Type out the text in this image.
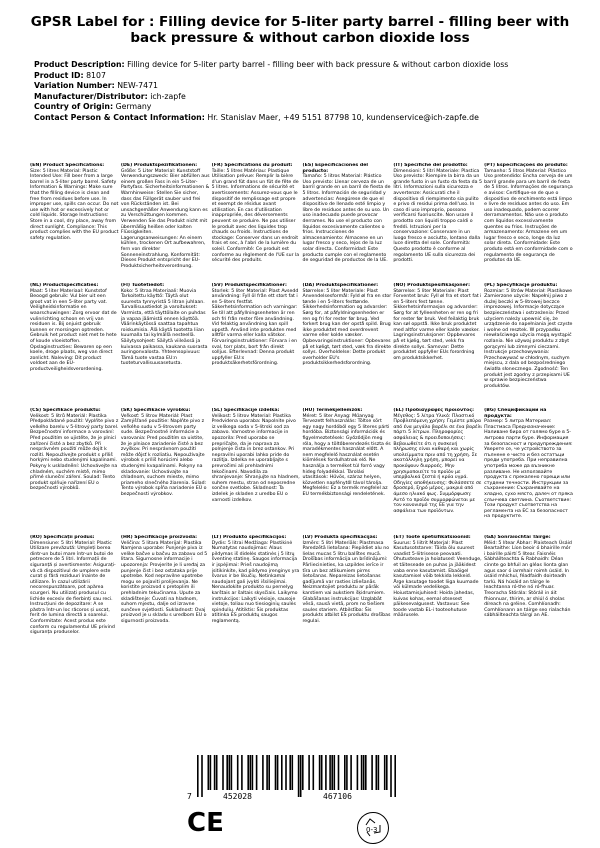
GPSR Label for : Filling device for 5-liter party barrel - filling beer with back pressure & without carbon dioxide loss
Product Description: Filling device for 5-liter party barrel - filling beer with back pressure & without carbon dioxide loss
Product ID: 8107
Variation Number: NEW-7471
Manufacturer/Distributor: ich-zapfe
Country of Origin: Germany
Contact Person & Contact Information: Hr. Stanislav Maer, +49 5151 87798 10, kundenservice@ich-zapfe.de
(EN) Product Specifications:
Size: 5 litres Material: Plastic Intended Use: Fill beer from a large barrel in a 5-liter party barrel. Safety Information & Warnings: Make sure that the filling device is clean and free from residues before use. In improper use, spills can occur. Do not use with hot or excessively hot or cold liquids. Storage Instructions: Store in a cool, dry place, away from direct sunlight. Compliance: This product complies with the EU product safety regulation.
(DE) Produktspezifikationen:
Größe: 5 Liter Material: Kunststoff Verwendungszweck: Bier abfüllen aus einem großen Fass in ein 5-Liter-Partyfass. Sicherheitsinformationen & Warnhinweise: Stellen Sie sicher, dass das Füllgerät sauber und frei von Rückständen ist. Bei unsachgemäßer Anwendung kann es zu Verschüttungen kommen. Verwenden Sie das Produkt nicht mit übermäßig heißen oder kalten Flüssigkeiten. Lagerungsanweisungen: An einem kühlen, trockenen Ort aufbewahren, fern von direkter Sonneneinstrahlung. Konformität: Dieses Produkt entspricht der EU-Produktsicherheitsverordnung.
(FR) Spécifications du produit:
Taille: 5 litres Matériau: Plastique Utilisation prévue: Remplir la bière d'un grand fût dans un fût de fête de 5 litres. Informations de sécurité et avertissements: Assurez-vous que le dispositif de remplissage est propre et exempt de résidus avant utilisation. En cas d'utilisation inappropriée, des déversements peuvent se produire. Ne pas utiliser le produit avec des liquides trop chauds ou froids. Instructions de stockage: Conserver dans un endroit frais et sec, à l'abri de la lumière du soleil. Conformité: Ce produit est conforme au règlement de l'UE sur la sécurité des produits.
(ES) Especificaciones del producto:
Tamaño: 5 litros Material: Plástico Uso previsto: Llenar cerveza de un barril grande en un barril de fiesta de 5 litros. Información de seguridad y advertencias: Asegúrese de que el dispositivo de llenado esté limpio y libre de residuos antes de su uso. Un uso inadecuado puede provocar derrames. No use el producto con líquidos excesivamente calientes o fríos. Instrucciones de almacenamiento: Almacene en un lugar fresco y seco, lejos de la luz solar directa. Conformidad: Este producto cumple con el reglamento de seguridad de productos de la UE.
(IT) Specifiche del prodotto:
Dimensioni: 5 litri Materiale: Plastica Uso previsto: Riempire la birra da un grande fusto in un fusto da festa da 5 litri. Informazioni sulla sicurezza e avvertenze: Assicurati che il dispositivo di riempimento sia pulito e privo di residui prima dell'uso. In caso di uso improprio, possono verificarsi fuoriuscite. Non usare il prodotto con liquidi troppo caldi o freddi. Istruzioni per la conservazione: Conservare in un luogo fresco e asciutto, lontano dalla luce diretta del sole. Conformità: Questo prodotto è conforme al regolamento UE sulla sicurezza dei prodotti.
(PT) Especificações do produto:
Tamanho: 5 litros Material: Plástico Uso pretendido: Encha cerveja de um barril grande para um barril de festa de 5 litros. Informações de segurança e avisos: Certifique-se de que o dispositivo de enchimento está limpo e livre de resíduos antes do uso. Em uso inadequado, podem ocorrer derramamentos. Não use o produto com líquidos excessivamente quentes ou frios. Instruções de armazenamento: Armazene em um lugar fresco e seco, longe da luz solar direta. Conformidade: Este produto está em conformidade com o regulamento de segurança de produtos da UE.
(NL) Productspecificaties:
Maat: 5 liter Materiaal: Kunststof Beoogd gebruik: Vul bier uit een groot vat in een 5-liter party vat. Veiligheidsinformatie en waarschuwingen: Zorg ervoor dat de vulinrichting schoon en vrij van residuen is. Bij onjuist gebruik kunnen er morsingen optreden. Gebruik het product niet met te hete of koude vloeistoffen. Opslaginstructies: Bewaren op een koele, droge plaats, weg van direct zonlicht. Naleving: Dit product voldoet aan de EU-productveiligheidsverordening.
(FI) Tuotetiedot:
Koko: 5 litraa Materiaali: Muovia Tarkoitettu käyttö: Täytä olut suuresta tynnyristä 5 litran juhlaan. Turvallisuustiedot ja varoitukset: Varmista, että täyttölaite on puhdas ja vapaa jäämistä ennen käyttöä. Väärinkäytössä saattaa tapahtua roiskumisia. Älä käytä tuotetta liian kuumalla tai kylmällä nesteellä. Säilytysohjeet: Säilytä viileässä ja kuivassa paikassa, kaukana suorasta auringonvalosta. Yhteensopivuus: Tämä tuote vastaa EU:n tuoteturvallisuusasetusta.
(SV) Produktspecifikationer:
Storlek: 5 liter Material: Plast Avsedd användning: Fyll öl från ett stort fat i en 5-liters festfat. Säkerhetsinformation och varningar: Se till att påfyllningsenheten är ren och fri från rester före användning. Vid felaktig användning kan spill uppstå. Använd inte produkten med alltför varma eller kalla vätskor. Förvaringsinstruktioner: Förvara i en sval, torr plats, bort från direkt solljus. Efterlevnad: Denna produkt uppfyller EU:s produktsäkerhetsförordning.
(DA) Produktspecifikationer:
Størrelse: 5 liter Materiale: Plast Anvendelsesformål: Fyld øl fra en stor tønde i en 5-liters festtønde. Sikkerhedsinformation og advarsler: Sørg for, at påfyldningsenheden er ren og fri for rester før brug. Ved forkert brug kan der opstå spild. Brug ikke produktet med overdrevent varme eller kolde væsker. Opbevaringsinstruktioner: Opbevares på et køligt, tørt sted, væk fra direkte sollys. Overholdelse: Dette produkt overholder EU's produktsikkerhedsforordning.
(NO) Produktspesifikasjoner:
Størrelse: 5 liter Materiale: Plast Forventet bruk: Fyll øl fra et stort fat i en 5-liters fest tønne. Sikkerhetsinformasjon og advarsler: Sørg for at fylleenheten er ren og fri for rester før bruk. Ved feilaktig bruk kan søl oppstå. Ikke bruk produktet med altfor varme eller kalde væsker. Lagringsinstruksjoner: Oppbevares på et kjølig, tørt sted, vekk fra direkte sollys. Samsvar: Dette produktet oppfyller EUs forordning om produktsikkerhet.
(PL) Specyfikacje produktu:
Rozmiar: 5 litrów Materiał: Plastikowe Zamierzone użycie: Napełnij piwo z dużej beczki w 5-litrowej beczce imprezowej. Informacje dotyczące bezpieczeństwa i ostrzeżenia: Przed użyciem należy upewnić się, że urządzenie do napełniania jest czyste i wolne od resztek. W przypadku niewłaściwego użycia mogą wystąpić rozlania. Nie używaj produktu z zbyt gorącymi lub zimnymi cieczami. Instrukcje przechowywania: Przechowywać w chłodnym, suchym miejscu, z dala od bezpośredniego światła słonecznego. Zgodność: Ten produkt jest zgodny z przepisami UE w sprawie bezpieczeństwa produktów.
(CS) Specifikace produktu:
Velikost: 5 litrů Materiál: Plastika Předpokládané použití: Vyplňte pivo z velkého barelu v 5-litrový party barel. Bezpečnostní informace a varování: Před použitím se ujistěte, že je plnicí zařízení čisté a bez zbytků. Při nesprávném použití může dojít k rozlití. Nepoužívejte produkt s příliš horkými nebo studenými kapalinami. Pokyny k uskladnění: Uchovávejte na chladném, suchém místě, mimo přímé sluneční záření. Soulad: Tento produkt splňuje nařízení EU o bezpečnosti výrobků.
(SK) Špecifikácie výrobku:
Veľkosť: 5 litrov Materiál: Plast Zamýšľané použitie: Naplňte pivo z veľkého sudu v 5-litrovom party sude. Bezpečnostné informácie a varovania: Pred použitím sa uistite, že je plniace zariadenie čisté a bez zvyškov. Pri nesprávnom použití môže dôjsť k rozliatiu. Nepoužívajte výrobok s príliš horúcimi alebo studenými kvapalinami. Pokyny na skladovanie: Uchovávajte na chladnom, suchom mieste, mimo priameho slnečného žiarenia. Súlad: Tento výrobok spĺňa nariadenie EÚ o bezpečnosti výrobkov.
(SL) Specifikacije izdelka:
Velikost: 5 litrov Material: Plastika Predvidena uporaba: Napolnite pivo iz velikega soda v 5-litrski sod za zabavo. Varnostne informacije in opozorila: Pred uporabo se prepričajte, da je naprava za polnjenje čista in brez ostankov. Pri nepravilni uporabi lahko pride do razlitja. Izdelka ne uporabljajte s prevročimi ali prehladnimi tekočinami. Navodila za shranjevanje: Shranjujte na hladnem, suhem mestu, stran od neposredne sončne svetlobe. Skladnost: Ta izdelek je skladen z uredbo EU o varnosti izdelkov.
(HU) Termékjellemzők:
Méret: 5 liter Anyag: Műanyag Tervezett felhasználás: Töltse sört egy nagy hordóból egy 5 literes párti hordóba. Biztonsági információk és figyelmeztetések: Győződjön meg róla, hogy a töltőberendezés tiszta és maradékmentes használat előtt. A nem megfelelő használat esetén kiömlések fordulhatnak elő. Ne használja a terméket túl forró vagy hideg folyadékkal. Tárolási utasítások: Hűvös, száraz helyen, közvetlen napfénytől távol tárolja. Megfelelés: Ez a termék megfelel az EU termékbiztonsági rendeletének.
(EL) Προδιαγραφές προϊόντος:
Μέγεθος: 5 λίτρα Υλικό: Πλαστικό Προβλεπόμενη χρήση: Γεμίστε μπύρα από ένα μεγάλο βαρέλι σε ένα βαρέλι πάρτι 5 λίτρων. Πληροφορίες ασφάλειας & προειδοποιήσεις: Βεβαιωθείτε ότι η συσκευή πλήρωσης είναι καθαρή και χωρίς υπολείμματα πριν από τη χρήση. Σε ακατάλληλη χρήση, μπορεί να προκύψουν διαρροές. Μην χρησιμοποιείτε το προϊόν με υπερβολικά ζεστά ή κρύα υγρά. Οδηγίες αποθήκευσης: Φυλάσσετε σε δροσερό, ξηρό μέρος, μακριά από άμεσο ηλιακό φως. Συμμόρφωση: Αυτό το προϊόν συμμορφώνεται με τον κανονισμό της ΕΕ για την ασφάλεια των προϊόντων.
(BG) Спецификации на продукта:
Размер: 5 литра Материал: Пластмаса Предназначение: Наливане бира от голямо буре в 5-литрово парти буре. Информация за безопасност и предупреждения: Уверете се, че устройството за пълнене е чисто и без остатъци преди употреба. При неправилна употреба може да възникне разливане. Не използвайте продукта с прекалено горещи или студени течности. Инструкции за съхранение: Съхранявайте на хладно, сухо място, далеч от пряка слънчева светлина. Съответствие: Този продукт съответства на регламента на ЕС за безопасност на продуктите.
(RO) Specificații produs:
Dimensiune: 5 litri Material: Plastic Utilizare prevăzută: Umpleți berea dintr-un butoi mare într-un butoi de petrecere de 5 litri. Informații de siguranță și avertismente: Asigurați-vă că dispozitivul de umplere este curat și fără reziduuri înainte de utilizare. În cazul utilizării necorespunzătoare, pot apărea scurgeri. Nu utilizați produsul cu lichide excesiv de fierbinți sau reci. Instrucțiuni de depozitare: A se păstra într-un loc răcoros și uscat, ferit de lumina directă a soarelui. Conformitate: Acest produs este conform cu regulamentul UE privind siguranța produselor.
(HR) Specifikacije proizvoda:
Veličina: 5 litara Materijal: Plastika Namjena uporabe: Punjenje piva iz velike bačve u bačvu za zabavu od 5 litara. Sigurnosne informacije i upozorenja: Provjerite je li uređaj za punjenje čist i bez ostataka prije upotrebe. Kod nepravilne upotrebe mogu se pojaviti prolijevanja. Ne koristite proizvod s pretoplim ili prehladnim tekućinama. Upute za skladištenje: Čuvati na hladnom, suhom mjestu, dalje od izravne sunčeve svjetlosti. Sukladnost: Ovaj proizvod je u skladu s uredbom EU o sigurnosti proizvoda.
(LT) Produkto specifikacijos:
Dydis: 5 litrai Medžiaga: Plastikinė Numatytas naudojimas: Alaus pildymas iš didelės statinės į 5 litrų šventinę statinę. Saugos informacija ir įspėjimai: Prieš naudojimą įsitikinkite, kad pildymo įrenginys yra švarus ir be likučių. Netinkamai naudojant gali įvykti išsiliejimai. Nenaudokite produkto su pernelyg karštais ar šaltais skysčiais. Laikymo instrukcijos: Laikyti vėsioje, sausoje vietoje, toliau nuo tiesioginių saulės spindulių. Atitiktis: Šis produktas atitinka ES produktų saugos reglamentą.
(LV) Produkta specifikācijas:
Izmērs: 5 litri Materiāls: Plastmasa Paredzētā lietošana: Piepildiet alu no lielas mucas 5 litru ballītes mucā. Drošības informācija un brīdinājumi: Pārliecinieties, ka uzpildes ierīce ir tīra un bez atlikumiem pirms lietošanas. Nepareizas lietošanas gadījumā var rasties izliešanās. Neizmantojiet produktu ar pārāk karstiem vai aukstiem šķidrumiem. Glabāšanas instrukcijas: Uzglabāt vēsā, sausā vietā, prom no tiešiem saules stariem. Atbilstība: Šis produkts atbilst ES produktu drošības regulai.
(ET) Toote spetsifikatsioonid:
Suurus: 5 liitrit Materjal: Plast Kasutusotstarve: Täida õlu suurest vaadist 5-liitrisesse peovaati. Ohutusteave ja hoiatused: Veenduge, et täiteseade on puhas ja jääkidest vaba enne kasutamist. Ebaõigel kasutamisel võib tekkida lekkeid. Ärge kasutage toodet liiga kuumade või külmade vedelikega. Hoiustamisjuhised: Hoida jahedas, kuivas kohas, eemal otsesest päikesevalgusest. Vastavus: See toode vastab EL-i tooteohutuse määrusele.
(GA) Sonraíochtaí Táirge:
Méid: 5 lítear Ábhar: Plaisteach Úsáid Beartaithe: Líon beoir ó bhairille mór i bairille páirtí 5 lítear. Faisnéis Sábháilteachta & Rabhaidh: Déan cinnte go bhfuil an gléas líonta glan agus saor ó iarmhair roimh úsáid. In úsáid mhíchuí, féadfaidh doirteadh tarlú. Ná húsáid an táirge le leachtanna ró-the nó ró-fhuar. Treoracha Stórála: Stóráil in áit fhionnuar, thirim, ar shiúl ó sholas díreach na gréine. Comhlíonadh: Comhlíonann an táirge seo rialachán sábháilteachta táirgí an AE.
7	452028	467106
CE	0-3
